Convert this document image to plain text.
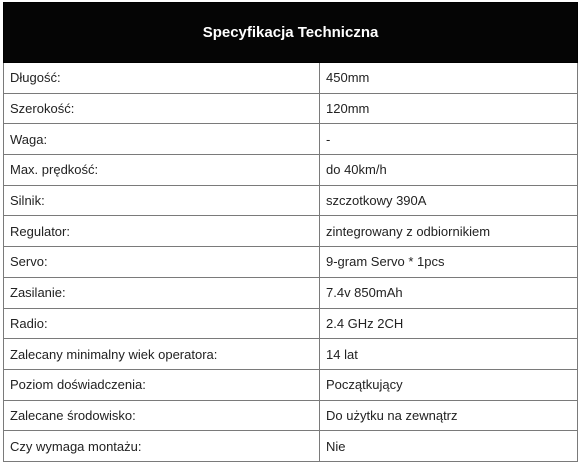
Specyfikacja Techniczna	
Długość:	450mm
Szerokość:	120mm
Waga:	-
Max. prędkość:	do 40km/h
Silnik:	szczotkowy 390A
Regulator:	zintegrowany z odbiornikiem
Servo:	9-gram Servo * 1pcs
Zasilanie:	7.4v 850mAh
Radio:	2.4 GHz 2CH
Zalecany minimalny wiek operatora:	14 lat
Poziom doświadczenia:	Początkujący
Zalecane środowisko:	Do użytku na zewnątrz
Czy wymaga montażu:	Nie
